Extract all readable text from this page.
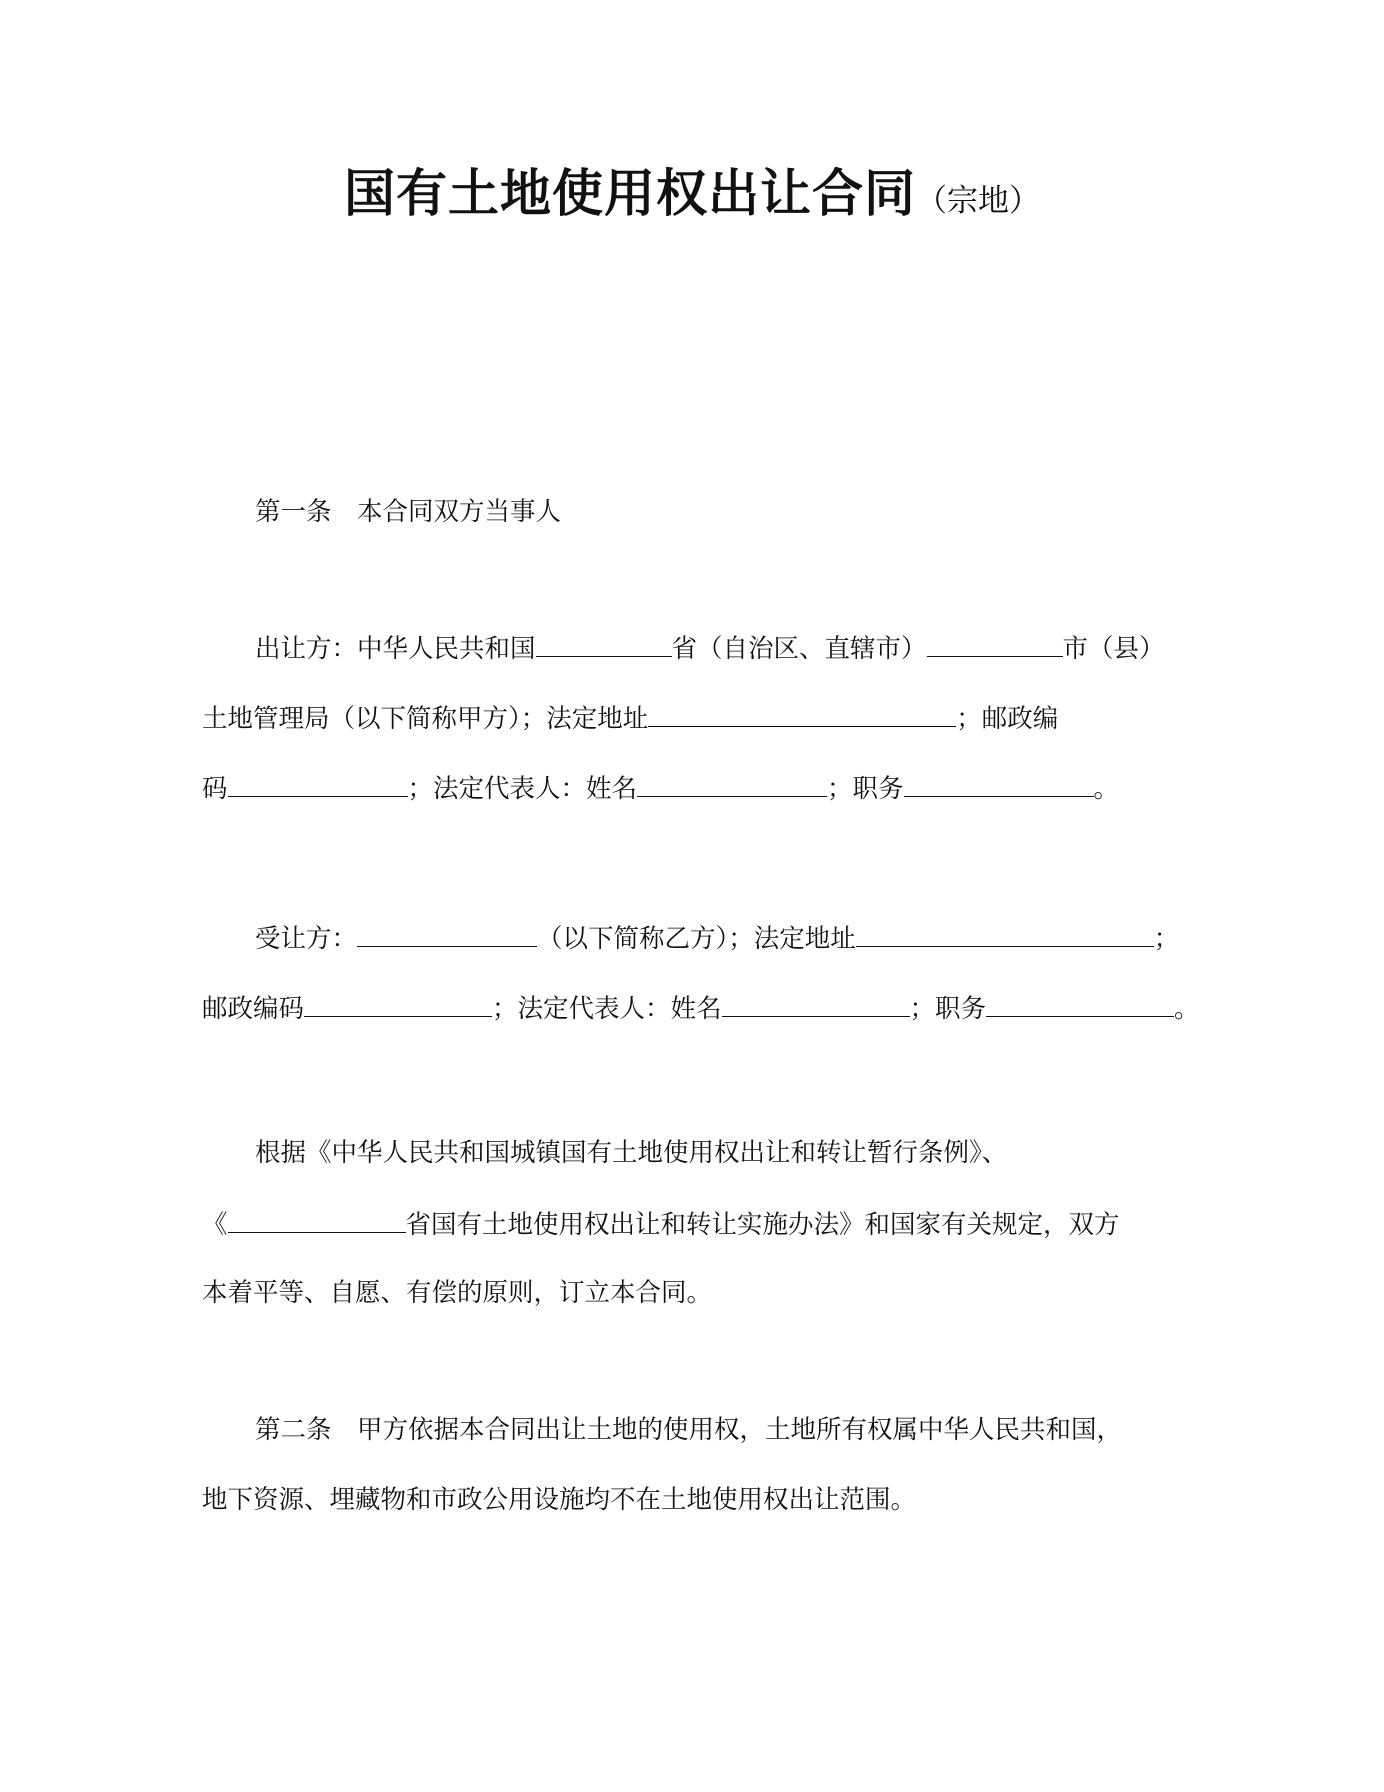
国有土地使用权出让合同（宗地）
第一条　本合同双方当事人
出让方：中华人民共和国	省（自治区、直辖市）	市（县）
土地管理局（以下简称甲方）；法定地址	；邮政编
码	；法定代表人：姓名	；职务	。
受让方：	（以下简称乙方）；法定地址	；
邮政编码	；法定代表人：姓名	；职务	。
根据《中华人民共和国城镇国有土地使用权出让和转让暂行条例》、
《	省国有土地使用权出让和转让实施办法》和国家有关规定，双方
本着平等、自愿、有偿的原则，订立本合同。
第二条　甲方依据本合同出让土地的使用权，土地所有权属中华人民共和国，
地下资源、埋藏物和市政公用设施均不在土地使用权出让范围。
